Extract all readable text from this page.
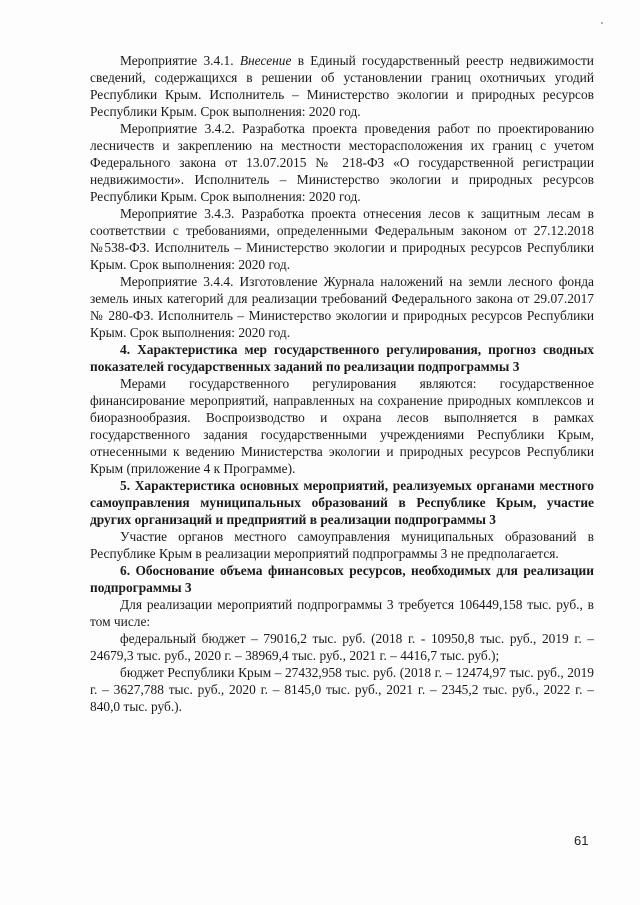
Мероприятие 3.4.1. Внесение в Единый государственный реестр недвижимости сведений, содержащихся в решении об установлении границ охотничьих угодий Республики Крым. Исполнитель – Министерство экологии и природных ресурсов Республики Крым. Срок выполнения: 2020 год.

Мероприятие 3.4.2. Разработка проекта проведения работ по проектированию лесничеств и закреплению на местности месторасположения их границ с учетом Федерального закона от 13.07.2015 № 218-ФЗ «О государственной регистрации недвижимости». Исполнитель – Министерство экологии и природных ресурсов Республики Крым. Срок выполнения: 2020 год.

Мероприятие 3.4.3. Разработка проекта отнесения лесов к защитным лесам в соответствии с требованиями, определенными Федеральным законом от 27.12.2018 №538-ФЗ. Исполнитель – Министерство экологии и природных ресурсов Республики Крым. Срок выполнения: 2020 год.

Мероприятие 3.4.4. Изготовление Журнала наложений на земли лесного фонда земель иных категорий для реализации требований Федерального закона от 29.07.2017 № 280-ФЗ. Исполнитель – Министерство экологии и природных ресурсов Республики Крым. Срок выполнения: 2020 год.

4. Характеристика мер государственного регулирования, прогноз сводных показателей государственных заданий по реализации подпрограммы 3

Мерами государственного регулирования являются: государственное финансирование мероприятий, направленных на сохранение природных комплексов и биоразнообразия. Воспроизводство и охрана лесов выполняется в рамках государственного задания государственными учреждениями Республики Крым, отнесенными к ведению Министерства экологии и природных ресурсов Республики Крым (приложение 4 к Программе).

5. Характеристика основных мероприятий, реализуемых органами местного самоуправления муниципальных образований в Республике Крым, участие других организаций и предприятий в реализации подпрограммы 3

Участие органов местного самоуправления муниципальных образований в Республике Крым в реализации мероприятий подпрограммы 3 не предполагается.

6. Обоснование объема финансовых ресурсов, необходимых для реализации подпрограммы 3

Для реализации мероприятий подпрограммы 3 требуется 106449,158 тыс. руб., в том числе:

федеральный бюджет – 79016,2 тыс. руб. (2018 г. - 10950,8 тыс. руб., 2019 г. – 24679,3 тыс. руб., 2020 г. – 38969,4 тыс. руб., 2021 г. – 4416,7 тыс. руб.);

бюджет Республики Крым – 27432,958 тыс. руб. (2018 г. – 12474,97 тыс. руб., 2019 г. – 3627,788 тыс. руб., 2020 г. – 8145,0 тыс. руб., 2021 г. – 2345,2 тыс. руб., 2022 г. – 840,0 тыс. руб.).

61
